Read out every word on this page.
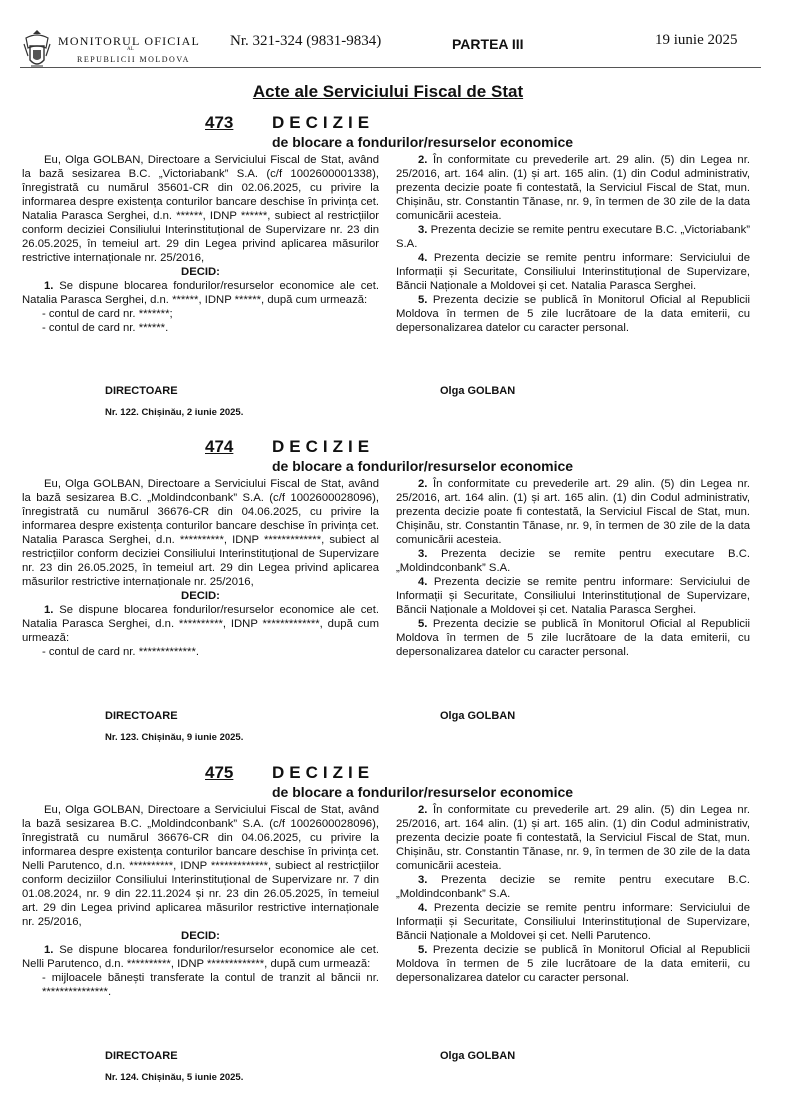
MONITORUL OFICIAL
AL
REPUBLICII MOLDOVA
Nr. 321-324 (9831-9834)	PARTEA III	19 iunie 2025
Acte ale Serviciului Fiscal de Stat
473 DECIZIE
de blocare a fondurilor/resurselor economice

Eu, Olga GOLBAN, Directoare a Serviciului Fiscal de Stat, având la bază sesizarea B.C. „Victoriabank” S.A. (c/f 1002600001338), înregistrată cu numărul 35601-CR din 02.06.2025, cu privire la informarea despre existența conturilor bancare deschise în privința cet. Natalia Parasca Serghei, d.n. ******, IDNP ******, subiect al restricțiilor conform deciziei Consiliului Interinstituțional de Supervizare nr. 23 din 26.05.2025, în temeiul art. 29 din Legea privind aplicarea măsurilor restrictive internaționale nr. 25/2016,

DECID:

1. Se dispune blocarea fondurilor/resurselor economice ale cet. Natalia Parasca Serghei, d.n. ******, IDNP ******, după cum urmează:

- contul de card nr. *******;

- contul de card nr. ******.

2. În conformitate cu prevederile art. 29 alin. (5) din Legea nr. 25/2016, art. 164 alin. (1) și art. 165 alin. (1) din Codul administrativ, prezenta decizie poate fi contestată, la Serviciul Fiscal de Stat, mun. Chișinău, str. Constantin Tănase, nr. 9, în termen de 30 zile de la data comunicării acesteia.

3. Prezenta decizie se remite pentru executare B.C. „Victoriabank” S.A.

4. Prezenta decizie se remite pentru informare: Serviciului de Informații și Securitate, Consiliului Interinstituțional de Supervizare, Băncii Naționale a Moldovei și cet. Natalia Parasca Serghei.

5. Prezenta decizie se publică în Monitorul Oficial al Republicii Moldova în termen de 5 zile lucrătoare de la data emiterii, cu depersonalizarea datelor cu caracter personal.

DIRECTOARE	Olga GOLBAN
Nr. 122. Chișinău, 2 iunie 2025.
474 DECIZIE
de blocare a fondurilor/resurselor economice

Eu, Olga GOLBAN, Directoare a Serviciului Fiscal de Stat, având la bază sesizarea B.C. „Moldindconbank” S.A. (c/f 1002600028096), înregistrată cu numărul 36676-CR din 04.06.2025, cu privire la informarea despre existența conturilor bancare deschise în privința cet. Natalia Parasca Serghei, d.n. **********, IDNP *************, subiect al restricțiilor conform deciziei Consiliului Interinstituțional de Supervizare nr. 23 din 26.05.2025, în temeiul art. 29 din Legea privind aplicarea măsurilor restrictive internaționale nr. 25/2016,

DECID:

1. Se dispune blocarea fondurilor/resurselor economice ale cet. Natalia Parasca Serghei, d.n. **********, IDNP *************, după cum urmează:

- contul de card nr. *************.

2. În conformitate cu prevederile art. 29 alin. (5) din Legea nr. 25/2016, art. 164 alin. (1) și art. 165 alin. (1) din Codul administrativ, prezenta decizie poate fi contestată, la Serviciul Fiscal de Stat, mun. Chișinău, str. Constantin Tănase, nr. 9, în termen de 30 zile de la data comunicării acesteia.

3. Prezenta decizie se remite pentru executare B.C. „Moldindconbank” S.A.

4. Prezenta decizie se remite pentru informare: Serviciului de Informații și Securitate, Consiliului Interinstituțional de Supervizare, Băncii Naționale a Moldovei și cet. Natalia Parasca Serghei.

5. Prezenta decizie se publică în Monitorul Oficial al Republicii Moldova în termen de 5 zile lucrătoare de la data emiterii, cu depersonalizarea datelor cu caracter personal.

DIRECTOARE	Olga GOLBAN
Nr. 123. Chișinău, 9 iunie 2025.
475 DECIZIE
de blocare a fondurilor/resurselor economice

Eu, Olga GOLBAN, Directoare a Serviciului Fiscal de Stat, având la bază sesizarea B.C. „Moldindconbank” S.A. (c/f 1002600028096), înregistrată cu numărul 36676-CR din 04.06.2025, cu privire la informarea despre existența conturilor bancare deschise în privința cet. Nelli Parutenco, d.n. **********, IDNP *************, subiect al restricțiilor conform deciziilor Consiliului Interinstituțional de Supervizare nr. 7 din 01.08.2024, nr. 9 din 22.11.2024 și nr. 23 din 26.05.2025, în temeiul art. 29 din Legea privind aplicarea măsurilor restrictive internaționale nr. 25/2016,

DECID:

1. Se dispune blocarea fondurilor/resurselor economice ale cet. Nelli Parutenco, d.n. **********, IDNP *************, după cum urmează:

- mijloacele bănești transferate la contul de tranzit al băncii nr. ***************.

2. În conformitate cu prevederile art. 29 alin. (5) din Legea nr. 25/2016, art. 164 alin. (1) și art. 165 alin. (1) din Codul administrativ, prezenta decizie poate fi contestată, la Serviciul Fiscal de Stat, mun. Chișinău, str. Constantin Tănase, nr. 9, în termen de 30 zile de la data comunicării acesteia.

3. Prezenta decizie se remite pentru executare B.C. „Moldindconbank” S.A.

4. Prezenta decizie se remite pentru informare: Serviciului de Informații și Securitate, Consiliului Interinstituțional de Supervizare, Băncii Naționale a Moldovei și cet. Nelli Parutenco.

5. Prezenta decizie se publică în Monitorul Oficial al Republicii Moldova în termen de 5 zile lucrătoare de la data emiterii, cu depersonalizarea datelor cu caracter personal.

DIRECTOARE	Olga GOLBAN
Nr. 124. Chișinău, 5 iunie 2025.
